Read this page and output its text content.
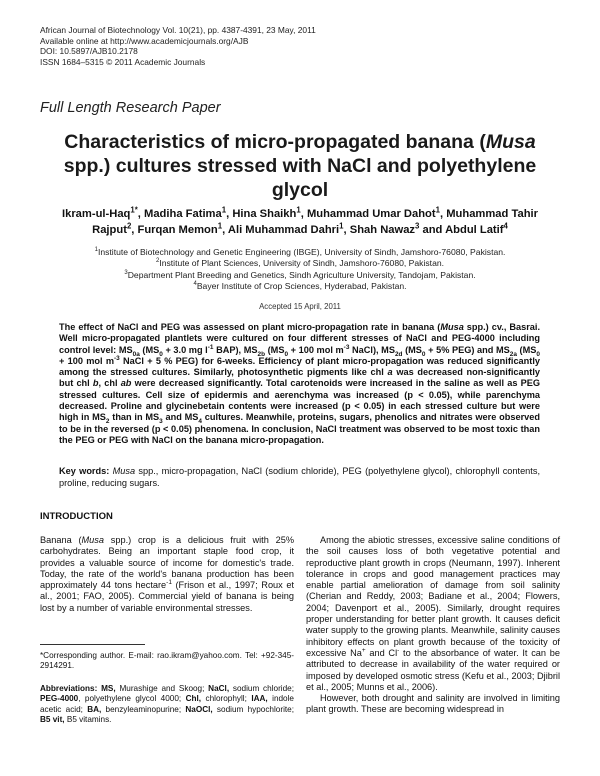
African Journal of Biotechnology Vol. 10(21), pp. 4387-4391, 23 May, 2011
Available online at http://www.academicjournals.org/AJB
DOI: 10.5897/AJB10.2178
ISSN 1684–5315 © 2011 Academic Journals
Full Length Research Paper
Characteristics of micro-propagated banana (Musa spp.) cultures stressed with NaCl and polyethylene glycol
Ikram-ul-Haq$^{1*}$, Madiha Fatima$^1$, Hina Shaikh$^1$, Muhammad Umar Dahot$^1$, Muhammad Tahir Rajput$^2$, Furqan Memon$^1$, Ali Muhammad Dahri$^1$, Shah Nawaz$^3$ and Abdul Latif$^4$
$^1$Institute of Biotechnology and Genetic Engineering (IBGE), University of Sindh, Jamshoro-76080, Pakistan.
$^2$Institute of Plant Sciences, University of Sindh, Jamshoro-76080, Pakistan.
$^3$Department Plant Breeding and Genetics, Sindh Agriculture University, Tandojam, Pakistan.
$^4$Bayer Institute of Crop Sciences, Hyderabad, Pakistan.
Accepted 15 April, 2011
The effect of NaCl and PEG was assessed on plant micro-propagation rate in banana (Musa spp.) cv., Basrai. Well micro-propagated plantlets were cultured on four different stresses of NaCl and PEG-4000 including control level: $MS_{0a}$ ($MS_0 + 3.0$ mg $l^{-1}$ BAP), $MS_{2b}$ ($MS_0 + 100$ mol $m^{-3}$ NaCl), $MS_{2d}$ ($MS_0 + 5\%$ PEG) and $MS_{2a}$ ($MS_0 + 100$ mol $m^{-3}$ NaCl + 5 % PEG) for 6-weeks. Efficiency of plant micro-propagation was reduced significantly among the stressed cultures. Similarly, photosynthetic pigments like chl a was decreased non-significantly but chl b, chl ab were decreased significantly. Total carotenoids were increased in the saline as well as PEG stressed cultures. Cell size of epidermis and aerenchyma was increased (p < 0.05), while parenchyma decreased. Proline and glycinebetain contents were increased (p < 0.05) in each stressed culture but were high in $MS_2$ than in $MS_3$ and $MS_4$ cultures. Meanwhile, proteins, sugars, phenolics and nitrates were observed to be in the reversed (p < 0.05) phenomena. In conclusion, NaCl treatment was observed to be most toxic than the PEG or PEG with NaCl on the banana micro-propagation.
Key words: Musa spp., micro-propagation, NaCl (sodium chloride), PEG (polyethylene glycol), chlorophyll contents, proline, reducing sugars.
INTRODUCTION

Banana (Musa spp.) crop is a delicious fruit with 25% carbohydrates. Being an important staple food crop, it provides a valuable source of income for domestic's trade. Today, the rate of the world's banana production has been approximately 44 tons hectare$^{-1}$ (Frison et al., 1997; Roux et al., 2001; FAO, 2005). Commercial yield of banana is being lost by a number of variable environmental stresses.

Among the abiotic stresses, excessive saline conditions of the soil causes loss of both vegetative potential and reproductive plant growth in crops (Neumann, 1997). Inherent tolerance in crops and good management practices may enable partial amelioration of damage from soil salinity (Cherian and Reddy, 2003; Badiane et al., 2004; Flowers, 2004; Davenport et al., 2005). Similarly, drought requires proper understanding for better plant growth. It causes deficit water supply to the growing plants. Meanwhile, salinity causes inhibitory effects on plant growth because of the toxicity of excessive Na+ and Cl- to the absorbance of water. It can be attributed to decrease in availability of the water required or imposed by developed osmotic stress (Kefu et al., 2003; Djibril et al., 2005; Munns et al., 2006).

However, both drought and salinity are involved in limiting plant growth. These are becoming widespread in

*Corresponding author. E-mail: rao.ikram@yahoo.com. Tel: +92-345-2914291.
Abbreviations: MS, Murashige and Skoog; NaCl, sodium chloride; PEG-4000, polyethylene glycol 4000; Chl, chlorophyll; IAA, indole acetic acid; BA, benzyleaminopurine; NaOCl, sodium hypochlorite; B5 vit, B5 vitamins.
